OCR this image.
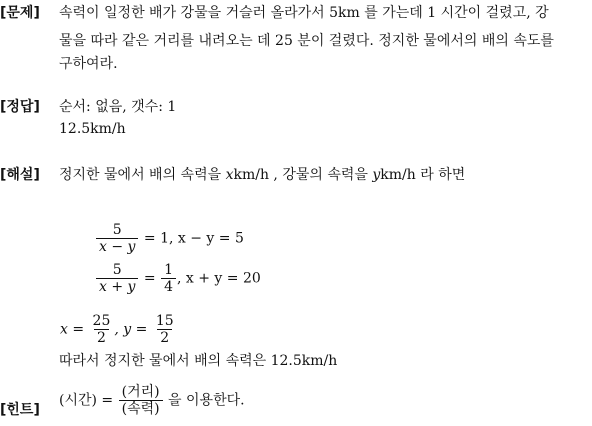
[문제] 속력이 일정한 배가 강물을 거슬러 올라가서 5km 를 가는데 1 시간이 걸렸고, 강
물을 따라 같은 거리를 내려오는 데 25 분이 걸렸다. 정지한 물에서의 배의 속도를
구하여라.
[정답] 순서: 없음, 갯수: 1
12.5km/h
[해설] 정지한 물에서 배의 속력을 xkm/h , 강물의 속력을 ykm/h 라 하면
$\frac{5}{x - y} = 1$, x − y = 5
$\frac{5}{x + y} = \frac{1}{4}$ , x + y = 20
$x = \frac{25}{2}$ , $y = \frac{15}{2}$
따라서 정지한 물에서 배의 속력은 12.5km/h
[힌트]
(시간) = $\frac{\text{(거리)}}{\text{(속력)}}$ 을 이용한다.
